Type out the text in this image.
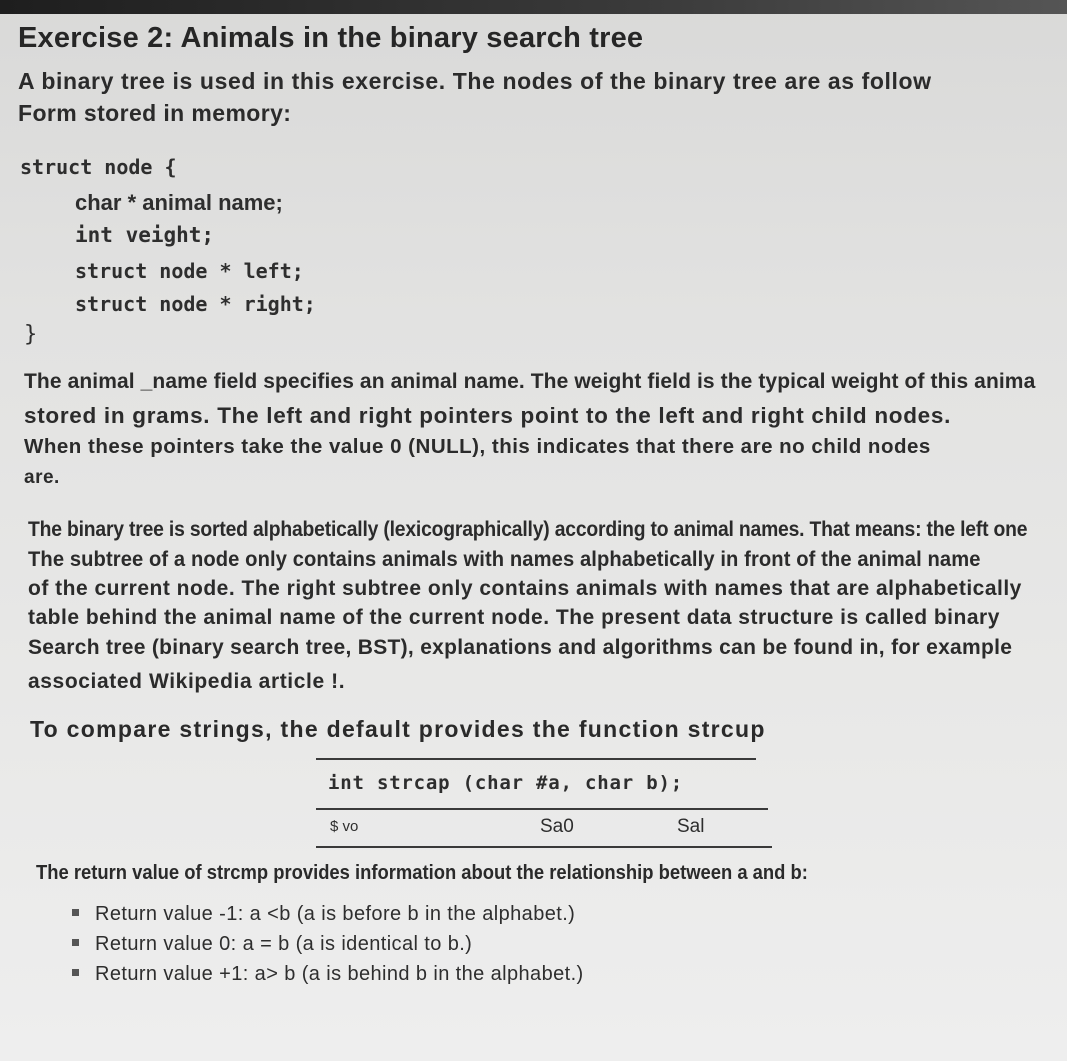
Exercise 2: Animals in the binary search tree
A binary tree is used in this exercise. The nodes of the binary tree are as follow
Form stored in memory:
struct node {
char * animal name;
int veight;
struct node * left;
struct node * right;
}
The animal _name field specifies an animal name. The weight field is the typical weight of this anima
stored in grams. The left and right pointers point to the left and right child nodes.
When these pointers take the value 0 (NULL), this indicates that there are no child nodes
are.
The binary tree is sorted alphabetically (lexicographically) according to animal names. That means: the left one
The subtree of a node only contains animals with names alphabetically in front of the animal name
of the current node. The right subtree only contains animals with names that are alphabetically
table behind the animal name of the current node. The present data structure is called binary
Search tree (binary search tree, BST), explanations and algorithms can be found in, for example
associated Wikipedia article !.
To compare strings, the default provides the function strcup
int strcap (char #a, char b);
$ vo	Sa0	Sal
The return value of strcmp provides information about the relationship between a and b:
Return value -1: a <b (a is before b in the alphabet.)
Return value 0: a = b (a is identical to b.)
Return value +1: a> b (a is behind b in the alphabet.)
